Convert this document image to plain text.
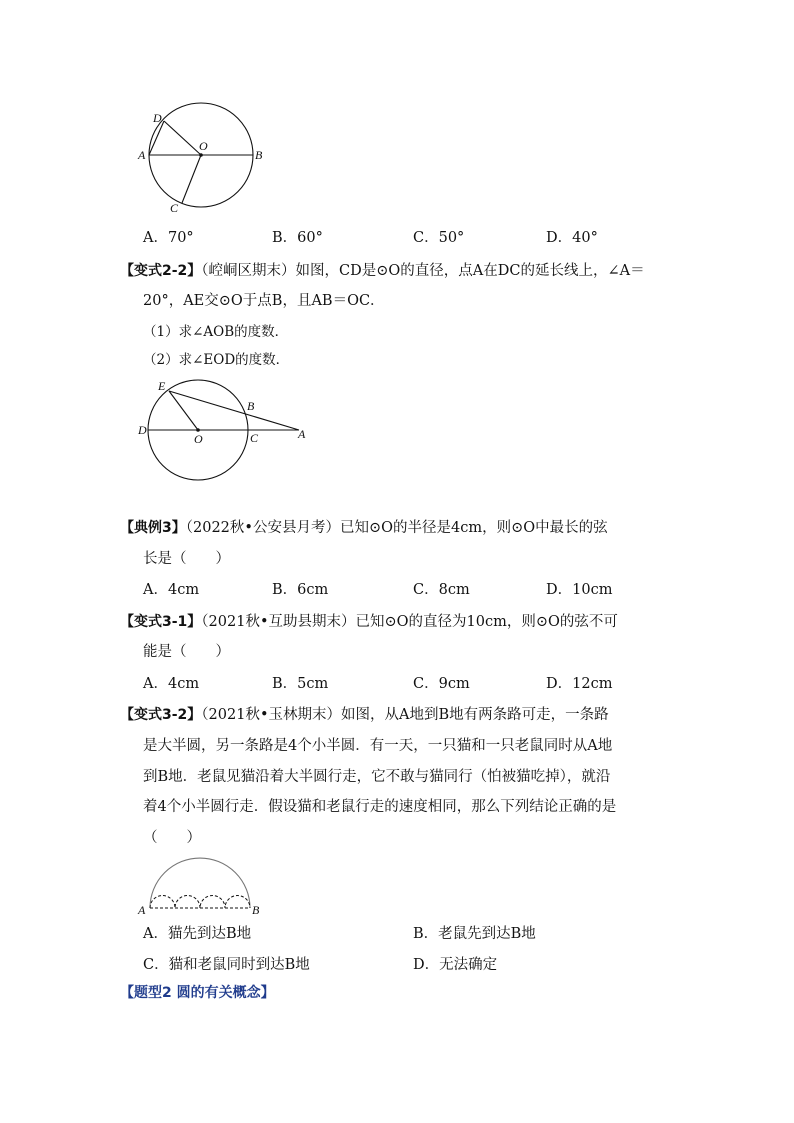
D
A
O
B
C
A．70°	B．60°	C．50°	D．40°
【变式2-2】（崆峒区期末）如图，CD是⊙O的直径，点A在DC的延长线上，∠A＝
20°，AE交⊙O于点B，且AB＝OC．
（1）求∠AOB的度数．
（2）求∠EOD的度数．
E
B
D
O	C	A
【典例3】（2022秋•公安县月考）已知⊙O的半径是4cm，则⊙O中最长的弦
长是（　　）
A．4cm	B．6cm	C．8cm	D．10cm
【变式3-1】（2021秋•互助县期末）已知⊙O的直径为10cm，则⊙O的弦不可
能是（　　）
A．4cm	B．5cm	C．9cm	D．12cm
【变式3-2】（2021秋•玉林期末）如图，从A地到B地有两条路可走，一条路
是大半圆，另一条路是4个小半圆．有一天，一只猫和一只老鼠同时从A地
到B地．老鼠见猫沿着大半圆行走，它不敢与猫同行（怕被猫吃掉），就沿
着4个小半圆行走．假设猫和老鼠行走的速度相同，那么下列结论正确的是
（　　）
A	B
A．猫先到达B地	B．老鼠先到达B地
C．猫和老鼠同时到达B地	D．无法确定
【题型2 圆的有关概念】
